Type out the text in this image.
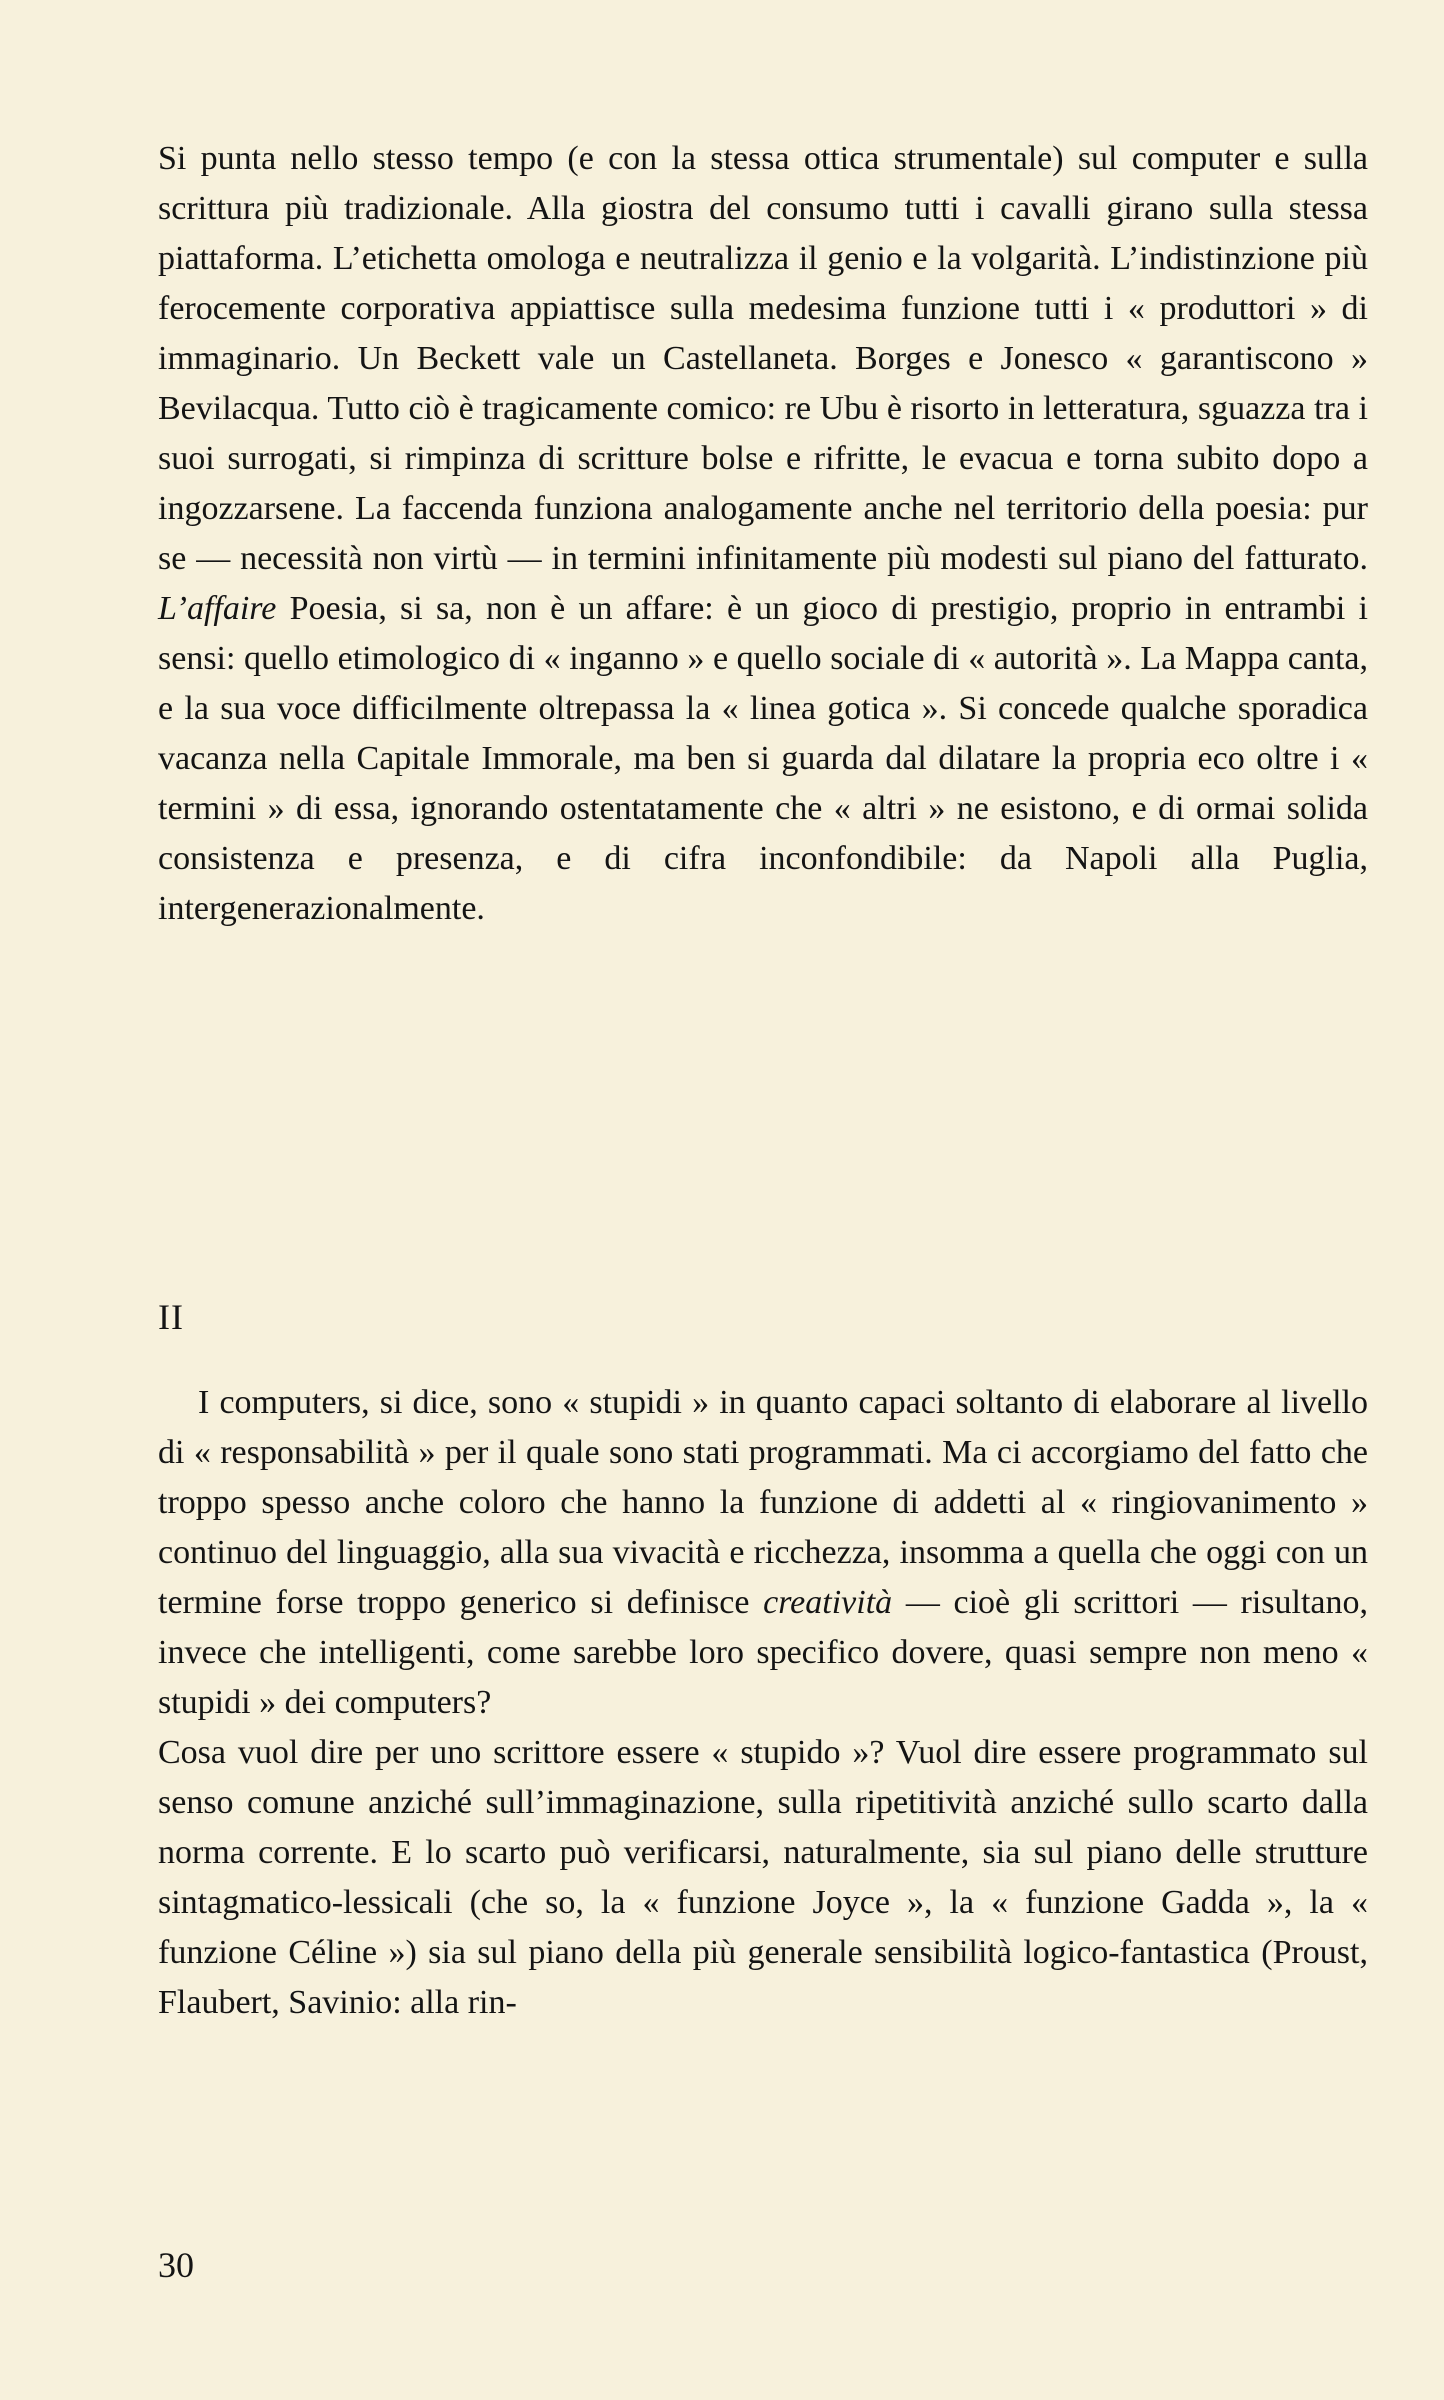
Si punta nello stesso tempo (e con la stessa ottica strumentale) sul computer e sulla scrittura più tradizionale. Alla giostra del consumo tutti i cavalli girano sulla stessa piattaforma. L’etichetta omologa e neutralizza il genio e la volgarità. L’indistinzione più ferocemente corporativa appiattisce sulla medesima funzione tutti i « produttori » di immaginario. Un Beckett vale un Castellaneta. Borges e Jonesco « garantiscono » Bevilacqua. Tutto ciò è tragicamente comico: re Ubu è risorto in letteratura, sguazza tra i suoi surrogati, si rimpinza di scritture bolse e rifritte, le evacua e torna subito dopo a ingozzarsene. La faccenda funziona analogamente anche nel territorio della poesia: pur se — necessità non virtù — in termini infinitamente più modesti sul piano del fatturato. L’affaire Poesia, si sa, non è un affare: è un gioco di prestigio, proprio in entrambi i sensi: quello etimologico di « inganno » e quello sociale di « autorità ». La Mappa canta, e la sua voce difficilmente oltrepassa la « linea gotica ». Si concede qualche sporadica vacanza nella Capitale Immorale, ma ben si guarda dal dilatare la propria eco oltre i « termini » di essa, ignorando ostentatamente che « altri » ne esistono, e di ormai solida consistenza e presenza, e di cifra inconfondibile: da Napoli alla Puglia, intergenerazionalmente.

II

I computers, si dice, sono « stupidi » in quanto capaci soltanto di elaborare al livello di « responsabilità » per il quale sono stati programmati. Ma ci accorgiamo del fatto che troppo spesso anche coloro che hanno la funzione di addetti al « ringiovanimento » continuo del linguaggio, alla sua vivacità e ricchezza, insomma a quella che oggi con un termine forse troppo generico si definisce creatività — cioè gli scrittori — risultano, invece che intelligenti, come sarebbe loro specifico dovere, quasi sempre non meno « stupidi » dei computers?

Cosa vuol dire per uno scrittore essere « stupido »? Vuol dire essere programmato sul senso comune anziché sull’immaginazione, sulla ripetitività anziché sullo scarto dalla norma corrente. E lo scarto può verificarsi, naturalmente, sia sul piano delle strutture sintagmatico-lessicali (che so, la « funzione Joyce », la « funzione Gadda », la « funzione Céline ») sia sul piano della più generale sensibilità logico-fantastica (Proust, Flaubert, Savinio: alla rin-

30
